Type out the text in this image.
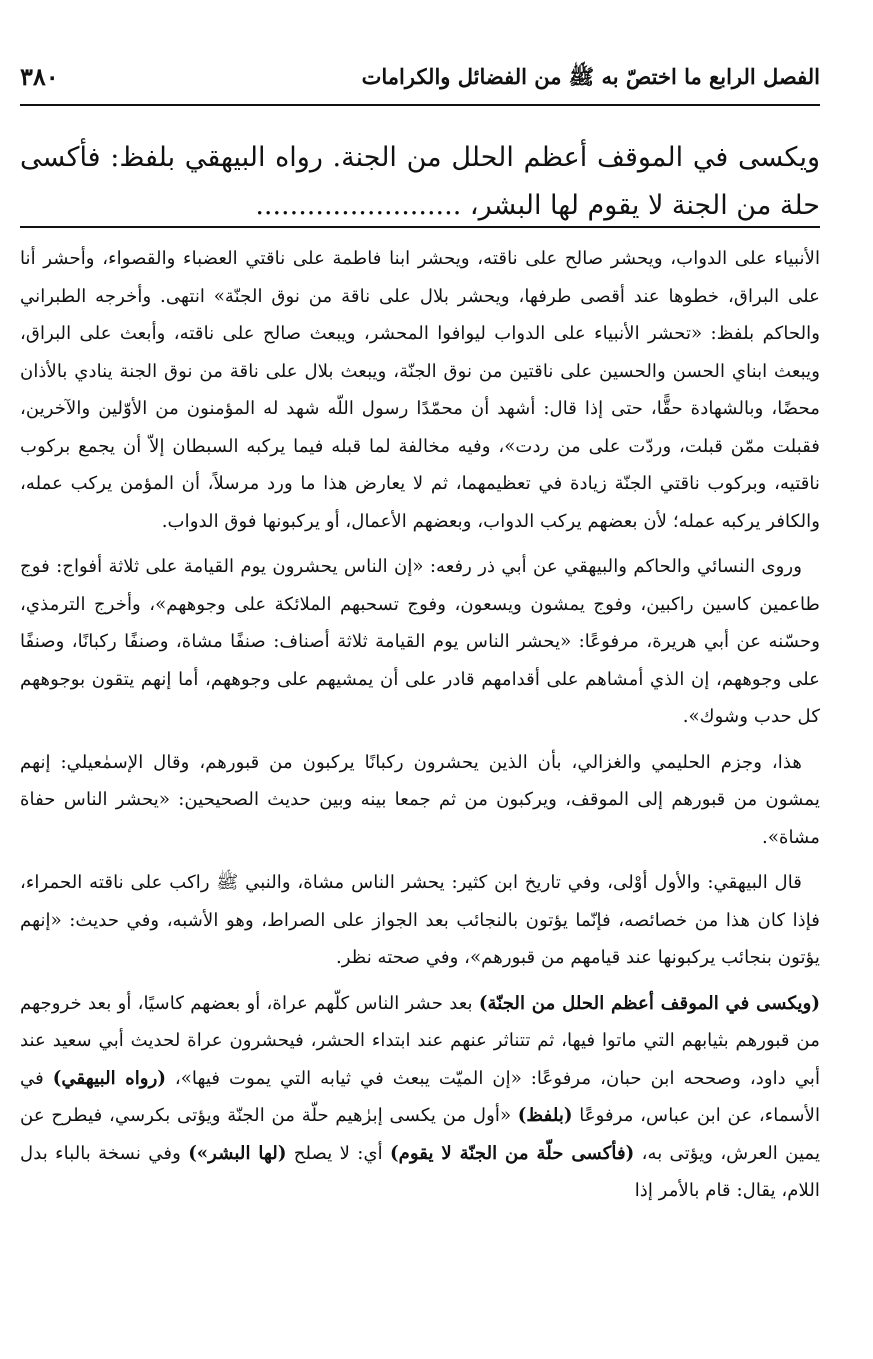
الفصل الرابع ما اختصّ به ﷺ من الفضائل والكرامات
٣٨٠

ويكسى في الموقف أعظم الحلل من الجنة. رواه البيهقي بلفظ: فأكسى حلة من الجنة لا يقوم لها البشر، ........................

الأنبياء على الدواب، ويحشر صالح على ناقته، ويحشر ابنا فاطمة على ناقتي العضباء والقصواء، وأحشر أنا على البراق، خطوها عند أقصى طرفها، ويحشر بلال على ناقة من نوق الجنّة» انتهى. وأخرجه الطبراني والحاكم بلفظ: «تحشر الأنبياء على الدواب ليوافوا المحشر، ويبعث صالح على ناقته، وأبعث على البراق، ويبعث ابناي الحسن والحسين على ناقتين من نوق الجنّة، ويبعث بلال على ناقة من نوق الجنة ينادي بالأذان محضًا، وبالشهادة حقًّا، حتى إذا قال: أشهد أن محمّدًا رسول اللّه شهد له المؤمنون من الأوّلين والآخرين، فقبلت ممّن قبلت، وردّت على من ردت»، وفيه مخالفة لما قبله فيما يركبه السبطان إلاّ أن يجمع بركوب ناقتيه، وبركوب ناقتي الجنّة زيادة في تعظيمهما، ثم لا يعارض هذا ما ورد مرسلاً، أن المؤمن يركب عمله، والكافر يركبه عمله؛ لأن بعضهم يركب الدواب، وبعضهم الأعمال، أو يركبونها فوق الدواب.

وروى النسائي والحاكم والبيهقي عن أبي ذر رفعه: «إن الناس يحشرون يوم القيامة على ثلاثة أفواج: فوج طاعمين كاسين راكبين، وفوج يمشون ويسعون، وفوج تسحبهم الملائكة على وجوههم»، وأخرج الترمذي، وحسّنه عن أبي هريرة، مرفوعًا: «يحشر الناس يوم القيامة ثلاثة أصناف: صنفًا مشاة، وصنفًا ركبانًا، وصنفًا على وجوههم، إن الذي أمشاهم على أقدامهم قادر على أن يمشيهم على وجوههم، أما إنهم يتقون بوجوههم كل حدب وشوك».

هذا، وجزم الحليمي والغزالي، بأن الذين يحشرون ركبانًا يركبون من قبورهم، وقال الإسمٰعيلي: إنهم يمشون من قبورهم إلى الموقف، ويركبون من ثم جمعا بينه وبين حديث الصحيحين: «يحشر الناس حفاة مشاة».

قال البيهقي: والأول أوْلى، وفي تاريخ ابن كثير: يحشر الناس مشاة، والنبي ﷺ راكب على ناقته الحمراء، فإذا كان هذا من خصائصه، فإنّما يؤتون بالنجائب بعد الجواز على الصراط، وهو الأشبه، وفي حديث: «إنهم يؤتون بنجائب يركبونها عند قيامهم من قبورهم»، وفي صحته نظر.

(ويكسى في الموقف أعظم الحلل من الجنّة) بعد حشر الناس كلّهم عراة، أو بعضهم كاسيًا، أو بعد خروجهم من قبورهم بثيابهم التي ماتوا فيها، ثم تتناثر عنهم عند ابتداء الحشر، فيحشرون عراة لحديث أبي سعيد عند أبي داود، وصححه ابن حبان، مرفوعًا: «إن الميّت يبعث في ثيابه التي يموت فيها»، (رواه البيهقي) في الأسماء، عن ابن عباس، مرفوعًا (بلفظ) «أول من يكسى إبرٰهيم حلّة من الجنّة ويؤتى بكرسي، فيطرح عن يمين العرش، ويؤتى به، (فأكسى حلّة من الجنّة لا يقوم) أي: لا يصلح (لها البشر») وفي نسخة بالباء بدل اللام، يقال: قام بالأمر إذا
